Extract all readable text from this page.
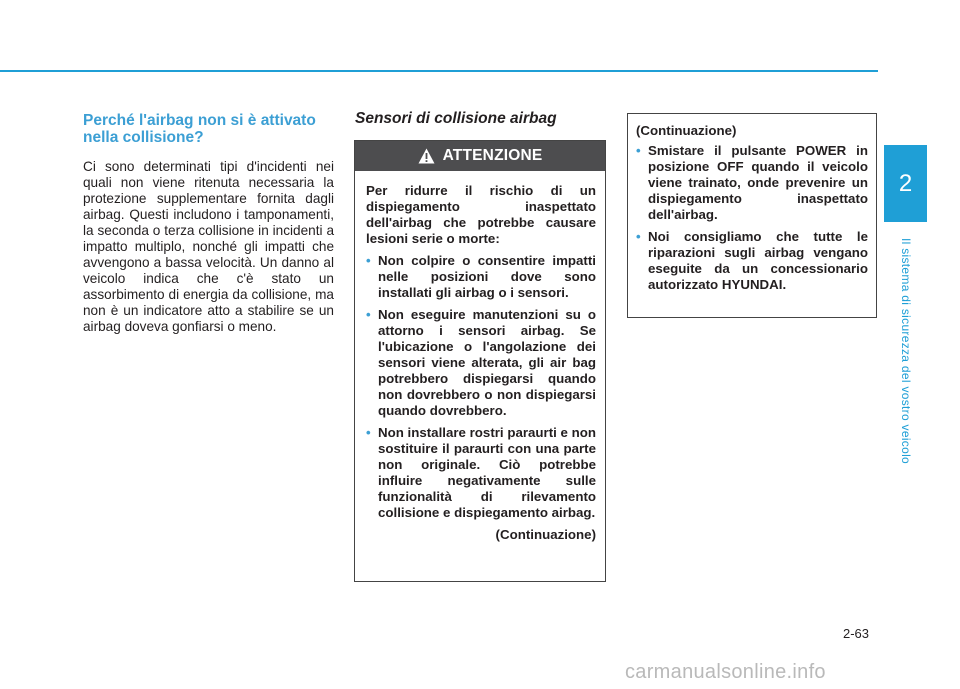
Perché l'airbag non si è attivato nella collisione?

Ci sono determinati tipi d'incidenti nei quali non viene ritenuta necessaria la protezione supplementare fornita dagli airbag. Questi includono i tamponamenti, la seconda o terza collisione in incidenti a impatto multiplo, nonché gli impatti che avvengono a bassa velocità. Un danno al veicolo indica che c'è stato un assorbimento di energia da collisione, ma non è un indicatore atto a stabilire se un airbag doveva gonfiarsi o meno.

Sensori di collisione airbag
ATTENZIONE

Per ridurre il rischio di un dispiegamento inaspettato dell'airbag che potrebbe causare lesioni serie o morte:

• Non colpire o consentire impatti nelle posizioni dove sono installati gli airbag o i sensori.
• Non eseguire manutenzioni su o attorno i sensori airbag. Se l'ubicazione o l'angolazione dei sensori viene alterata, gli air bag potrebbero dispiegarsi quando non dovrebbero o non dispiegarsi quando dovrebbero.
• Non installare rostri paraurti e non sostituire il paraurti con una parte non originale. Ciò potrebbe influire negativamente sulle funzionalità di rilevamento collisione e dispiegamento airbag.

(Continuazione)

(Continuazione)

• Smistare il pulsante POWER in posizione OFF quando il veicolo viene trainato, onde prevenire un dispiegamento inaspettato dell'airbag.
• Noi consigliamo che tutte le riparazioni sugli airbag vengano eseguite da un concessionario autorizzato HYUNDAI.
2
Il sistema di sicurezza del vostro veicolo
2-63
carmanualsonline.info
